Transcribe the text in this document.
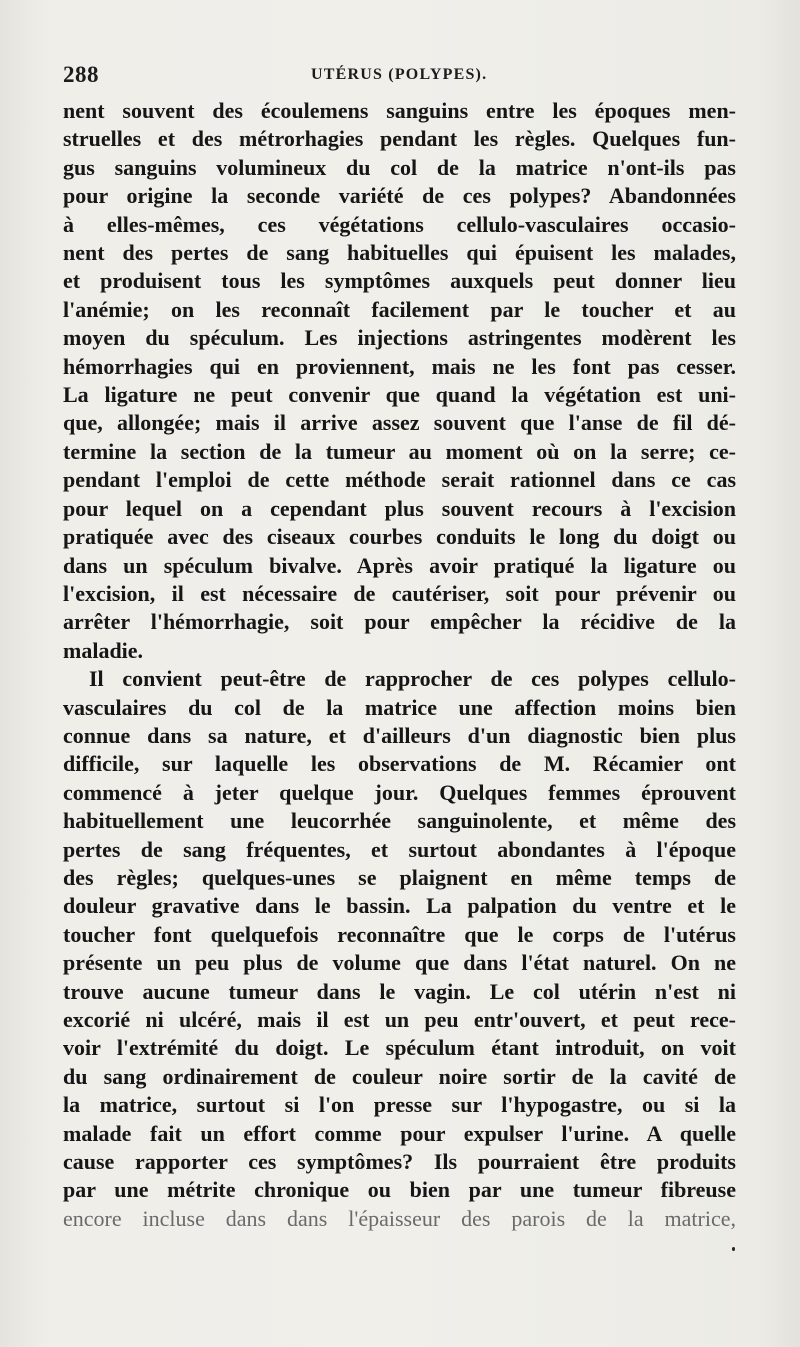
288	UTÉRUS (POLYPES).
nent souvent des écoulemens sanguins entre les époques men-
struelles et des métrorhagies pendant les règles. Quelques fun-
gus sanguins volumineux du col de la matrice n'ont-ils pas
pour origine la seconde variété de ces polypes? Abandonnées
à elles-mêmes, ces végétations cellulo-vasculaires occasio-
nent des pertes de sang habituelles qui épuisent les malades,
et produisent tous les symptômes auxquels peut donner lieu
l'anémie; on les reconnaît facilement par le toucher et au
moyen du spéculum. Les injections astringentes modèrent les
hémorrhagies qui en proviennent, mais ne les font pas cesser.
La ligature ne peut convenir que quand la végétation est uni-
que, allongée; mais il arrive assez souvent que l'anse de fil dé-
termine la section de la tumeur au moment où on la serre; ce-
pendant l'emploi de cette méthode serait rationnel dans ce cas
pour lequel on a cependant plus souvent recours à l'excision
pratiquée avec des ciseaux courbes conduits le long du doigt ou
dans un spéculum bivalve. Après avoir pratiqué la ligature ou
l'excision, il est nécessaire de cautériser, soit pour prévenir ou
arrêter l'hémorrhagie, soit pour empêcher la récidive de la
maladie.
Il convient peut-être de rapprocher de ces polypes cellulo-
vasculaires du col de la matrice une affection moins bien
connue dans sa nature, et d'ailleurs d'un diagnostic bien plus
difficile, sur laquelle les observations de M. Récamier ont
commencé à jeter quelque jour. Quelques femmes éprouvent
habituellement une leucorrhée sanguinolente, et même des
pertes de sang fréquentes, et surtout abondantes à l'époque
des règles; quelques-unes se plaignent en même temps de
douleur gravative dans le bassin. La palpation du ventre et le
toucher font quelquefois reconnaître que le corps de l'utérus
présente un peu plus de volume que dans l'état naturel. On ne
trouve aucune tumeur dans le vagin. Le col utérin n'est ni
excorié ni ulcéré, mais il est un peu entr'ouvert, et peut rece-
voir l'extrémité du doigt. Le spéculum étant introduit, on voit
du sang ordinairement de couleur noire sortir de la cavité de
la matrice, surtout si l'on presse sur l'hypogastre, ou si la
malade fait un effort comme pour expulser l'urine. A quelle
cause rapporter ces symptômes? Ils pourraient être produits
par une métrite chronique ou bien par une tumeur fibreuse
encore incluse dans dans l'épaisseur des parois de la matrice,
